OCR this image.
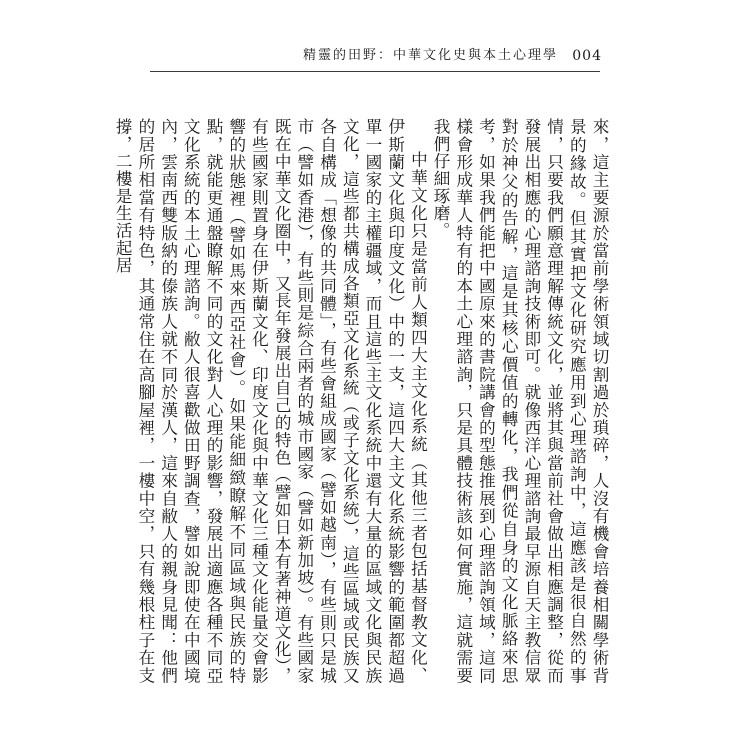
精靈的田野：中華文化史與本土心理學 004

來，這主要源於當前學術領域切割過於瑣碎，人沒有機會培養相關學術背景的緣故。但其實把文化研究應用到心理諮詢中，這應該是很自然的事情，只要我們願意理解傳統文化，並將其與當前社會做出相應調整，從而發展出相應的心理諮詢技術即可。就像西洋心理諮詢最早源自天主教信眾對於神父的告解，這是其核心價值的轉化，我們從自身的文化脈絡來思考，如果我們能把中國原來的書院講會的型態推展到心理諮詢領域，這同樣會形成華人特有的本土心理諮詢，只是具體技術該如何實施，這就需要我們仔細琢磨。

中華文化只是當前人類四大主文化系統（其他三者包括基督教文化、伊斯蘭文化與印度文化）中的一支，這四大主文化系統影響的範圍都超過單一國家的主權疆域，而且這些主文化系統中還有大量的區域文化與民族文化，這些都共構成各類亞文化系統（或子文化系統），這些區域或民族又各自構成「想像的共同體」，有些會組成國家（譬如越南），有些則只是城市（譬如香港），有些則是綜合兩者的城市國家（譬如新加坡）。有些國家既在中華文化圈中，又長年發展出自己的特色（譬如日本有著神道文化），有些國家則置身在伊斯蘭文化、印度文化與中華文化三種文化能量交會影響的狀態裡（譬如馬來西亞社會）。如果能細緻瞭解不同區域與民族的特點，就能更通盤瞭解不同的文化對人心理的影響，發展出適應各種不同亞文化系統的本土心理諮詢。敝人很喜歡做田野調查，譬如說即使在中國境內，雲南西雙版納的傣族人就不同於漢人，這來自敝人的親身見聞：他們的居所相當有特色，其通常住在高腳屋裡，一樓中空，只有幾根柱子在支撐，二樓是生活起居
